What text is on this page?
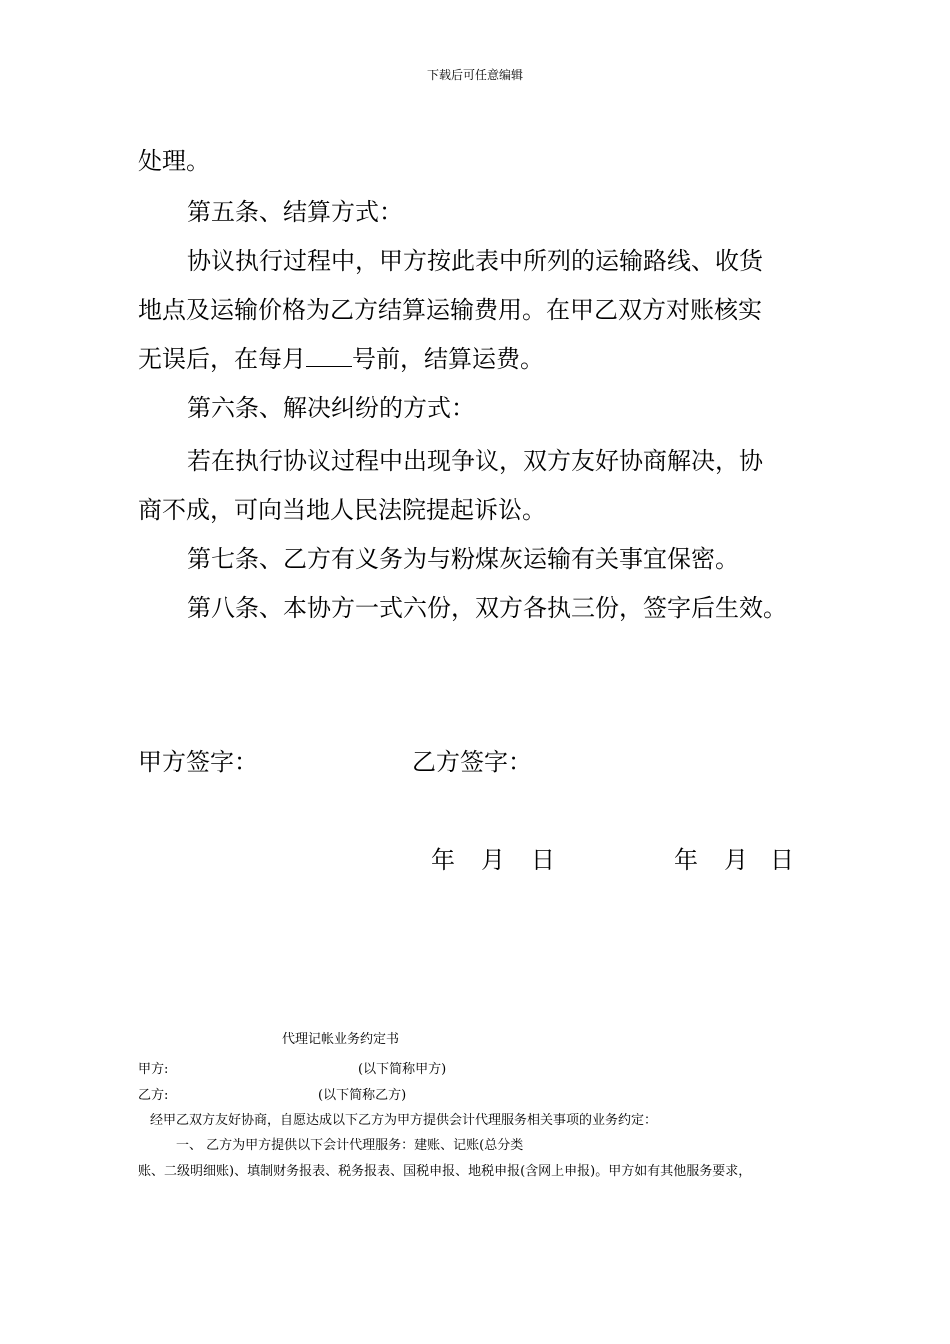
下载后可任意编辑

处理。

第五条、结算方式：

协议执行过程中，甲方按此表中所列的运输路线、收货
地点及运输价格为乙方结算运输费用。在甲乙双方对账核实
无误后，在每月 号前，结算运费。

第六条、解决纠纷的方式：

若在执行协议过程中出现争议，双方友好协商解决，协
商不成，可向当地人民法院提起诉讼。

第七条、乙方有义务为与粉煤灰运输有关事宜保密。

第八条、本协方一式六份，双方各执三份，签字后生效。

甲方签字：	乙方签字：
年 月 日	年 月 日
代理记帐业务约定书
甲方:	(以下简称甲方)
乙方:	(以下简称乙方)
经甲乙双方友好协商，自愿达成以下乙方为甲方提供会计代理服务相关事项的业务约定：
一、 乙方为甲方提供以下会计代理服务：建账、记账(总分类
账、二级明细账)、填制财务报表、税务报表、国税申报、地税申报(含网上申报)。甲方如有其他服务要求，
